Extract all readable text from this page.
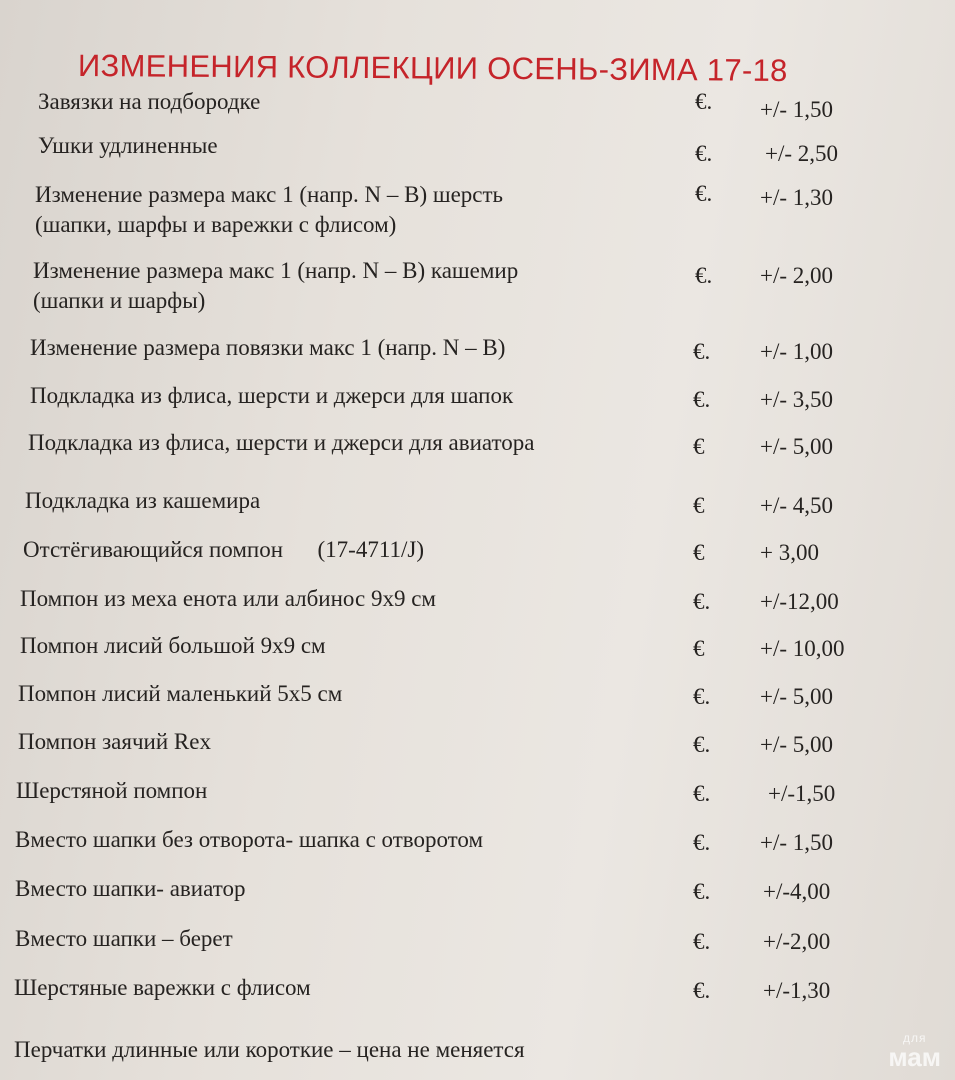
ИЗМЕНЕНИЯ КОЛЛЕКЦИИ ОСЕНЬ-ЗИМА 17-18
Завязки на подбородке	€. +/- 1,50
Ушки удлиненные	€. +/- 2,50
Изменение размера макс 1 (напр. N – B) шерсть
(шапки, шарфы и варежки с флисом)
€. +/- 1,30
Изменение размера макс 1 (напр. N – B) кашемир
(шапки и шарфы)
€. +/- 2,00
Изменение размера повязки макс 1 (напр. N – B)	€. +/- 1,00
Подкладка из флиса, шерсти и джерси для шапок	€. +/- 3,50
Подкладка из флиса, шерсти и джерси для авиатора	€ +/- 5,00
Подкладка из кашемира	€ +/- 4,50
Отстёгивающийся помпон      (17-4711/J)	€ + 3,00
Помпон из меха енота или албинос 9x9 см	€. +/-12,00
Помпон лисий большой 9x9 см	€ +/- 10,00
Помпон лисий маленький 5x5 см	€. +/- 5,00
Помпон заячий Rex	€. +/- 5,00
Шерстяной помпон	€.	+/-1,50
Вместо шапки без отворота- шапка с отворотом	€. +/- 1,50
Вместо шапки- авиатор	€. +/-4,00
Вместо шапки – берет	€. +/-2,00
Шерстяные варежки с флисом	€. +/-1,30
Перчатки длинные или короткие – цена не меняется	для
мам
